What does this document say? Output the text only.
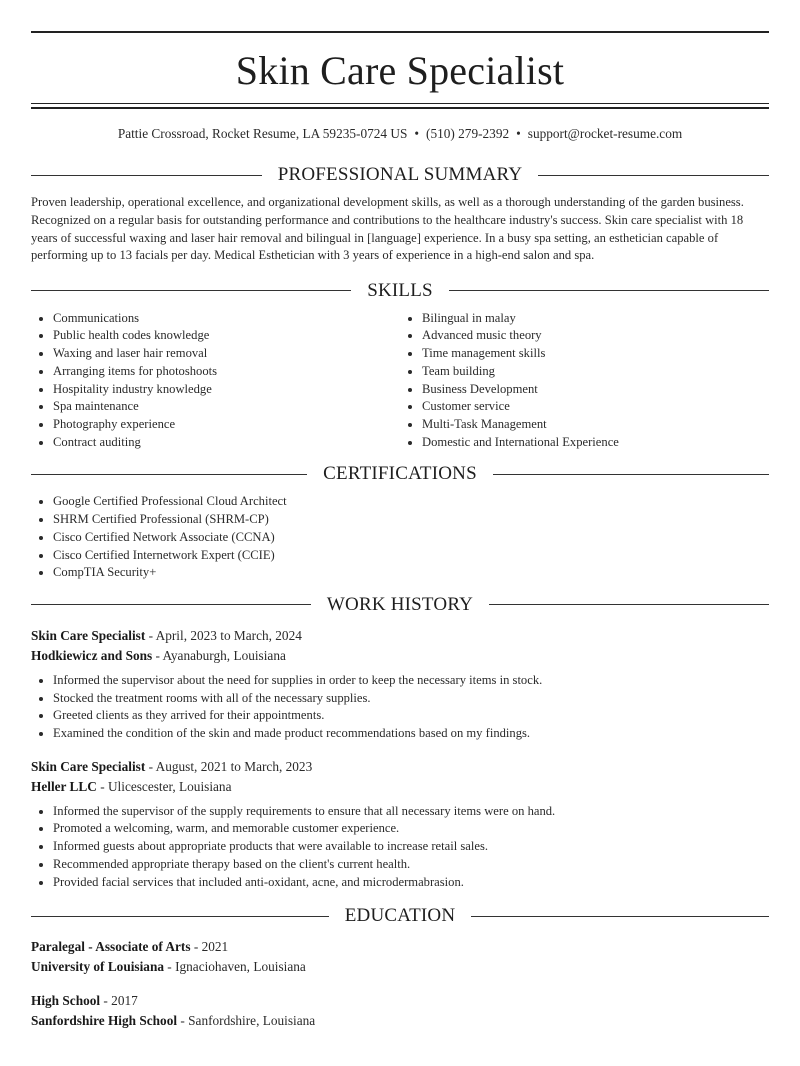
Skin Care Specialist
Pattie Crossroad, Rocket Resume, LA 59235-0724 US • (510) 279-2392 • support@rocket-resume.com
PROFESSIONAL SUMMARY

Proven leadership, operational excellence, and organizational development skills, as well as a thorough understanding of the garden business. Recognized on a regular basis for outstanding performance and contributions to the healthcare industry's success. Skin care specialist with 18 years of successful waxing and laser hair removal and bilingual in [language] experience. In a busy spa setting, an esthetician capable of performing up to 13 facials per day. Medical Esthetician with 3 years of experience in a high-end salon and spa.

SKILLS
• Communications
• Public health codes knowledge
• Waxing and laser hair removal
• Arranging items for photoshoots
• Hospitality industry knowledge
• Spa maintenance
• Photography experience
• Contract auditing
• Bilingual in malay
• Advanced music theory
• Time management skills
• Team building
• Business Development
• Customer service
• Multi-Task Management
• Domestic and International Experience
CERTIFICATIONS
• Google Certified Professional Cloud Architect
• SHRM Certified Professional (SHRM-CP)
• Cisco Certified Network Associate (CCNA)
• Cisco Certified Internetwork Expert (CCIE)
• CompTIA Security+
WORK HISTORY
Skin Care Specialist - April, 2023 to March, 2024
Hodkiewicz and Sons - Ayanaburgh, Louisiana
• Informed the supervisor about the need for supplies in order to keep the necessary items in stock.
• Stocked the treatment rooms with all of the necessary supplies.
• Greeted clients as they arrived for their appointments.
• Examined the condition of the skin and made product recommendations based on my findings.
Skin Care Specialist - August, 2021 to March, 2023
Heller LLC - Ulicescester, Louisiana
• Informed the supervisor of the supply requirements to ensure that all necessary items were on hand.
• Promoted a welcoming, warm, and memorable customer experience.
• Informed guests about appropriate products that were available to increase retail sales.
• Recommended appropriate therapy based on the client's current health.
• Provided facial services that included anti-oxidant, acne, and microdermabrasion.
EDUCATION
Paralegal - Associate of Arts - 2021
University of Louisiana - Ignaciohaven, Louisiana
High School - 2017
Sanfordshire High School - Sanfordshire, Louisiana
